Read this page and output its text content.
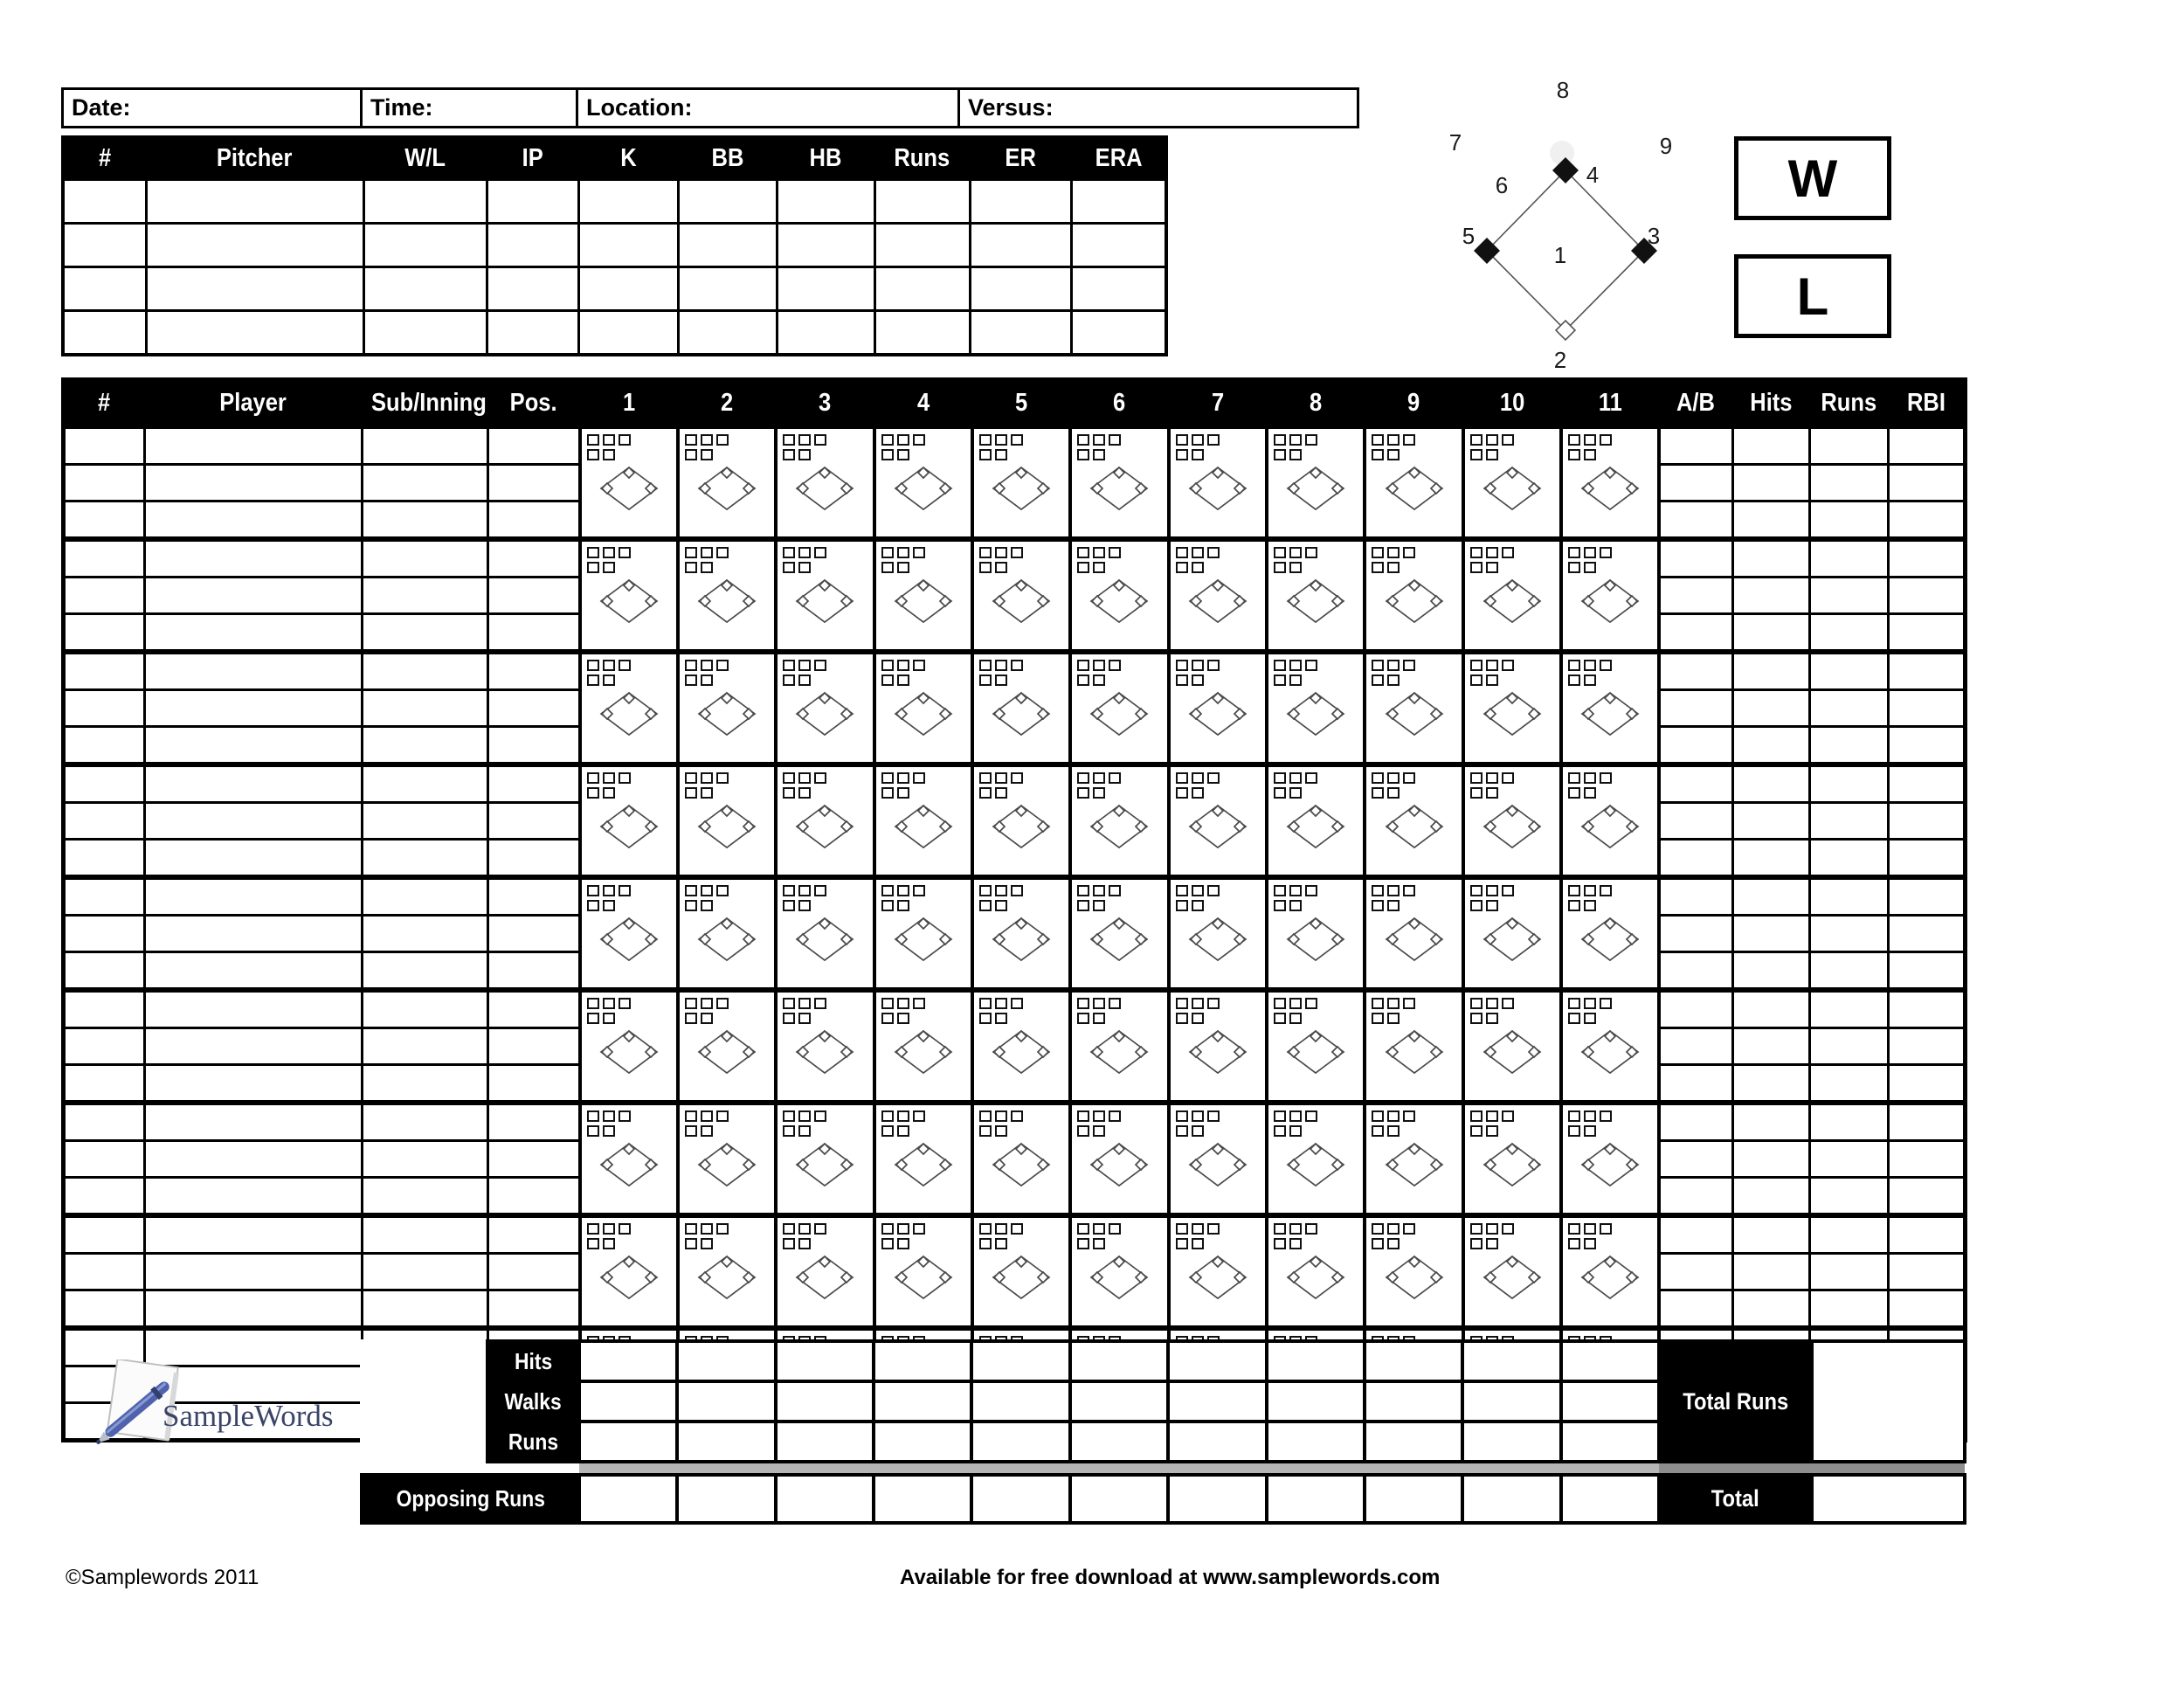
Date:	Time:	Location:	Versus:
#	Pitcher	W/L	IP	K	BB	HB	Runs	ER	ERA

1
2
3
4
5
6
7
8
9
W
L
#	Player	Sub/Inning	Pos.	1	2	3	4	5	6	7	8	9	10	11	A/B	Hits	Runs	RBI

	Hits												Total Runs	
	Walks													
	Runs													

Opposing Runs													Total	
SampleWords
©Samplewords 2011	Available for free download at www.samplewords.com
